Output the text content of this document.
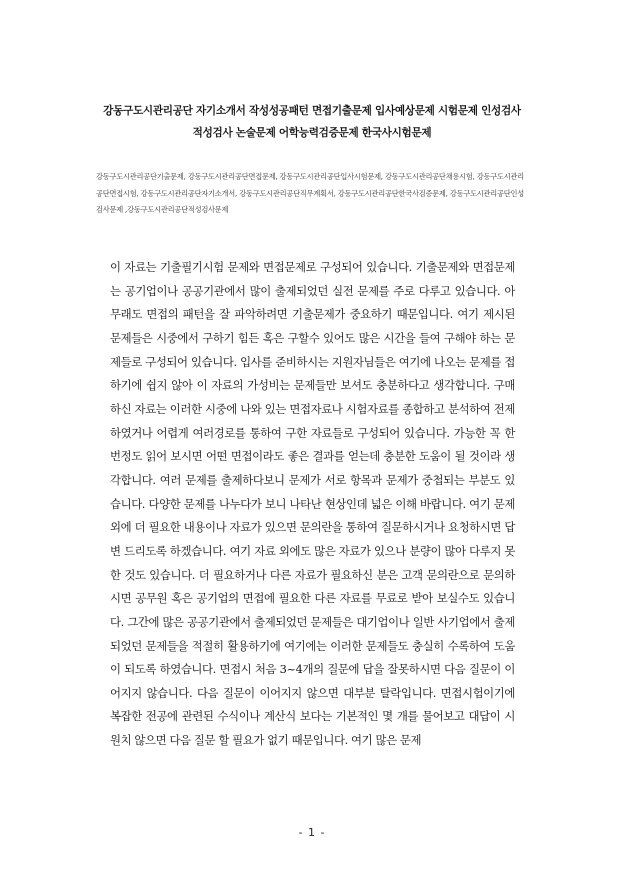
강동구도시관리공단 자기소개서 작성성공패턴 면접기출문제 입사예상문제 시험문제 인성검사
적성검사 논술문제 어학능력검증문제 한국사시험문제
강동구도시관리공단기출문제, 강동구도시관리공단면접문제, 강동구도시관리공단입사시험문제, 강동구도시관리공단채용시험, 강동구도시관리공단면접시험, 강동구도시관리공단자기소개서, 강동구도시관리공단직무계획서, 강동구도시관리공단한국사검증문제, 강동구도시관리공단인성검사문제 ,강동구도시관리공단적성검사문제
이 자료는 기출필기시험 문제와 면접문제로 구성되어 있습니다. 기출문제와 면접문제는 공기업이나 공공기관에서 많이 출제되었던 실전 문제를 주로 다루고 있습니다. 아무래도 면접의 패턴을 잘 파악하려면 기출문제가 중요하기 때문입니다. 여기 제시된 문제들은 시중에서 구하기 힘든 혹은 구할수 있어도 많은 시간을 들여 구해야 하는 문제들로 구성되어 있습니다. 입사를 준비하시는 지원자님들은 여기에 나오는 문제를 접하기에 쉽지 않아 이 자료의 가성비는 문제들만 보셔도 충분하다고 생각합니다. 구매하신 자료는 이러한 시중에 나와 있는 면접자료나 시험자료를 종합하고 분석하여 전제하였거나 어렵게 여러경로를 통하여 구한 자료들로 구성되어 있습니다. 가능한 꼭 한번정도 읽어 보시면 어떤 면접이라도 좋은 결과를 얻는데 충분한 도움이 될 것이라 생각합니다. 여러 문제를 출제하다보니 문제가 서로 항목과 문제가 중첩되는 부분도 있습니다. 다양한 문제를 나누다가 보니 나타난 현상인데 넓은 이해 바랍니다. 여기 문제 외에 더 필요한 내용이나 자료가 있으면 문의란을 통하여 질문하시거나 요청하시면 답변 드리도록 하겠습니다. 여기 자료 외에도 많은 자료가 있으나 분량이 많아 다루지 못한 것도 있습니다. 더 필요하거나 다른 자료가 필요하신 분은 고객 문의란으로 문의하시면 공무원 혹은 공기업의 면접에 필요한 다른 자료를 무료로 받아 보실수도 있습니다. 그간에 많은 공공기관에서 출제되었던 문제들은 대기업이나 일반 사기업에서 출제되었던 문제들을 적절히 활용하기에 여기에는 이러한 문제들도 충실히 수록하여 도움이 되도록 하였습니다. 면접시 처음 3~4개의 질문에 답을 잘못하시면 다음 질문이 이어지지 않습니다. 다음 질문이 이어지지 않으면 대부분 탈락입니다. 면접시험이기에 복잡한 전공에 관련된 수식이나 계산식 보다는 기본적인 몇 개를 물어보고 대답이 시원치 않으면 다음 질문 할 필요가 없기 때문입니다. 여기 많은 문제
- 1 -
